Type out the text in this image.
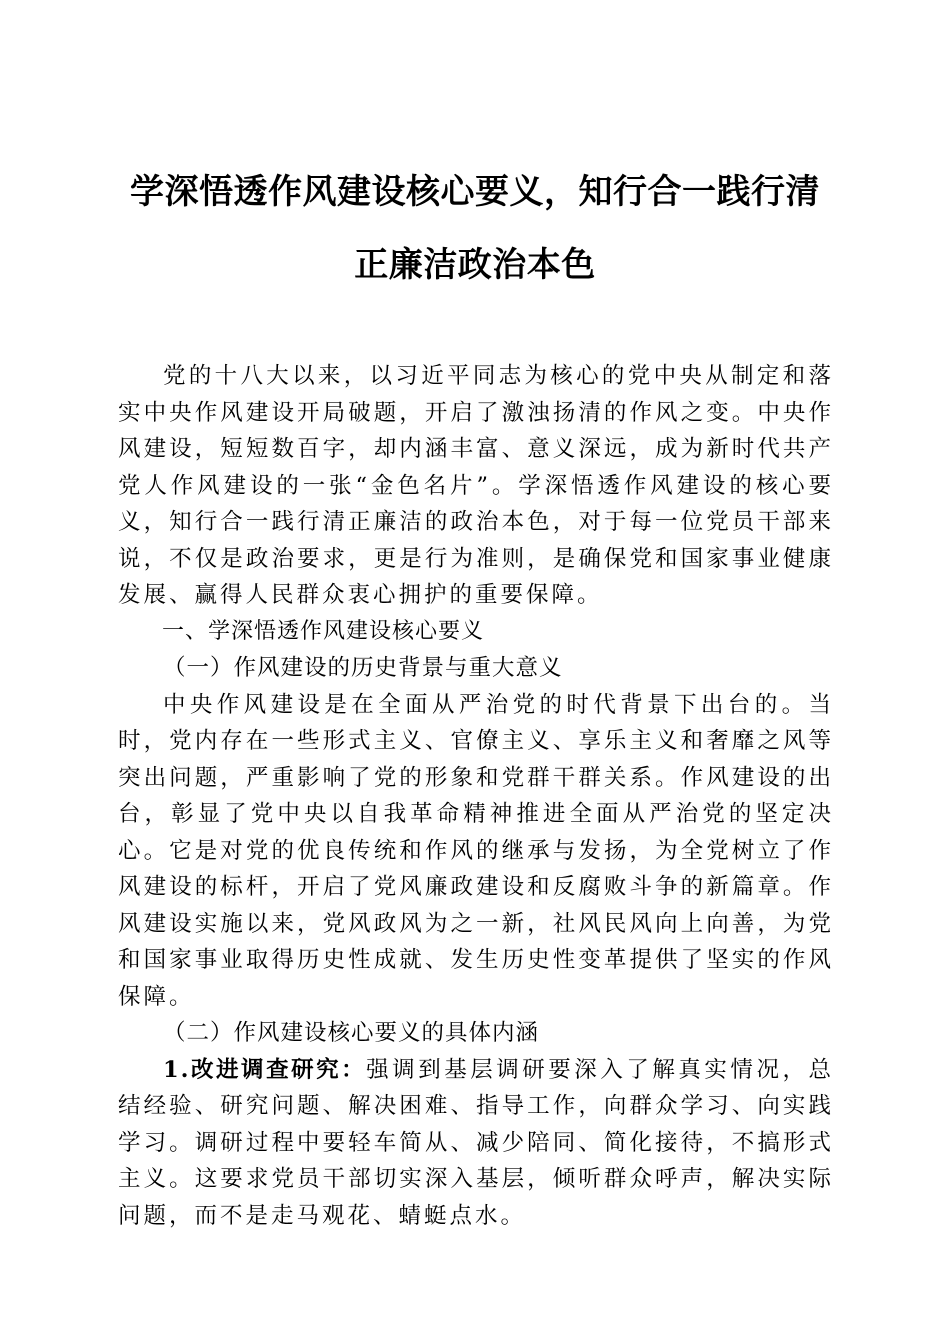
学深悟透作风建设核心要义，知行合一践行清
正廉洁政治本色

党的十八大以来，以习近平同志为核心的党中央从制定和落实中央作风建设开局破题，开启了激浊扬清的作风之变。中央作风建设，短短数百字，却内涵丰富、意义深远，成为新时代共产党人作风建设的一张“金色名片”。学深悟透作风建设的核心要义，知行合一践行清正廉洁的政治本色，对于每一位党员干部来说，不仅是政治要求，更是行为准则，是确保党和国家事业健康发展、赢得人民群众衷心拥护的重要保障。

一、学深悟透作风建设核心要义

（一）作风建设的历史背景与重大意义

中央作风建设是在全面从严治党的时代背景下出台的。当时，党内存在一些形式主义、官僚主义、享乐主义和奢靡之风等突出问题，严重影响了党的形象和党群干群关系。作风建设的出台，彰显了党中央以自我革命精神推进全面从严治党的坚定决心。它是对党的优良传统和作风的继承与发扬，为全党树立了作风建设的标杆，开启了党风廉政建设和反腐败斗争的新篇章。作风建设实施以来，党风政风为之一新，社风民风向上向善，为党和国家事业取得历史性成就、发生历史性变革提供了坚实的作风保障。

（二）作风建设核心要义的具体内涵

1.改进调查研究：强调到基层调研要深入了解真实情况，总结经验、研究问题、解决困难、指导工作，向群众学习、向实践学习。调研过程中要轻车简从、减少陪同、简化接待，不搞形式主义。这要求党员干部切实深入基层，倾听群众呼声，解决实际问题，而不是走马观花、蜻蜓点水。
